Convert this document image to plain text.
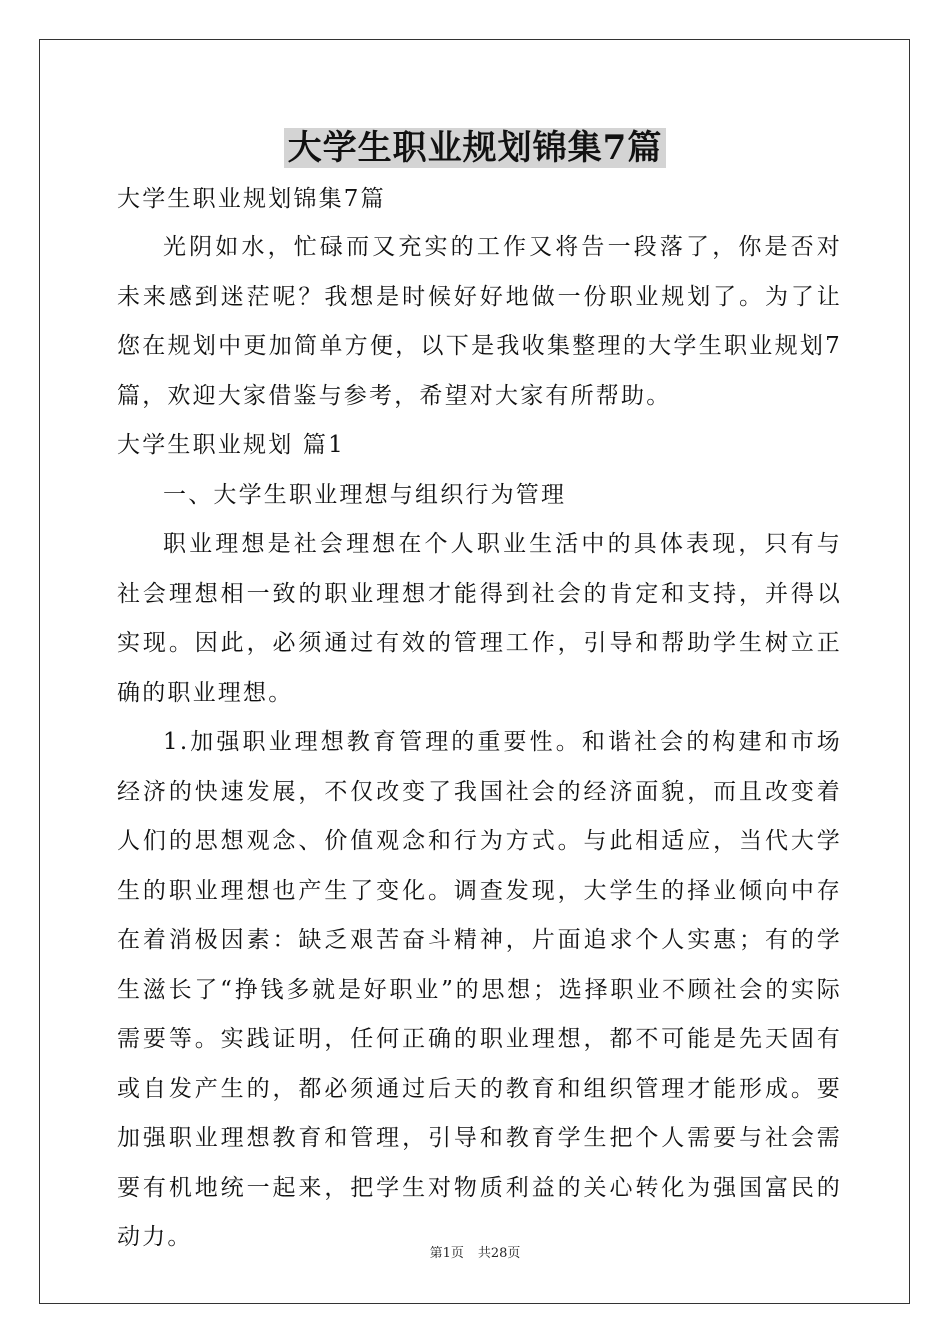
大学生职业规划锦集7篇

大学生职业规划锦集7篇

光阴如水，忙碌而又充实的工作又将告一段落了，你是否对未来感到迷茫呢？我想是时候好好地做一份职业规划了。为了让您在规划中更加简单方便，以下是我收集整理的大学生职业规划7篇，欢迎大家借鉴与参考，希望对大家有所帮助。

大学生职业规划 篇1

一、大学生职业理想与组织行为管理

职业理想是社会理想在个人职业生活中的具体表现，只有与社会理想相一致的职业理想才能得到社会的肯定和支持，并得以实现。因此，必须通过有效的管理工作，引导和帮助学生树立正确的职业理想。

1.加强职业理想教育管理的重要性。和谐社会的构建和市场经济的快速发展，不仅改变了我国社会的经济面貌，而且改变着人们的思想观念、价值观念和行为方式。与此相适应，当代大学生的职业理想也产生了变化。调查发现，大学生的择业倾向中存在着消极因素：缺乏艰苦奋斗精神，片面追求个人实惠；有的学生滋长了“挣钱多就是好职业”的思想；选择职业不顾社会的实际需要等。实践证明，任何正确的职业理想，都不可能是先天固有或自发产生的，都必须通过后天的教育和组织管理才能形成。要加强职业理想教育和管理，引导和教育学生把个人需要与社会需要有机地统一起来，把学生对物质利益的关心转化为强国富民的动力。

第1页 共28页
